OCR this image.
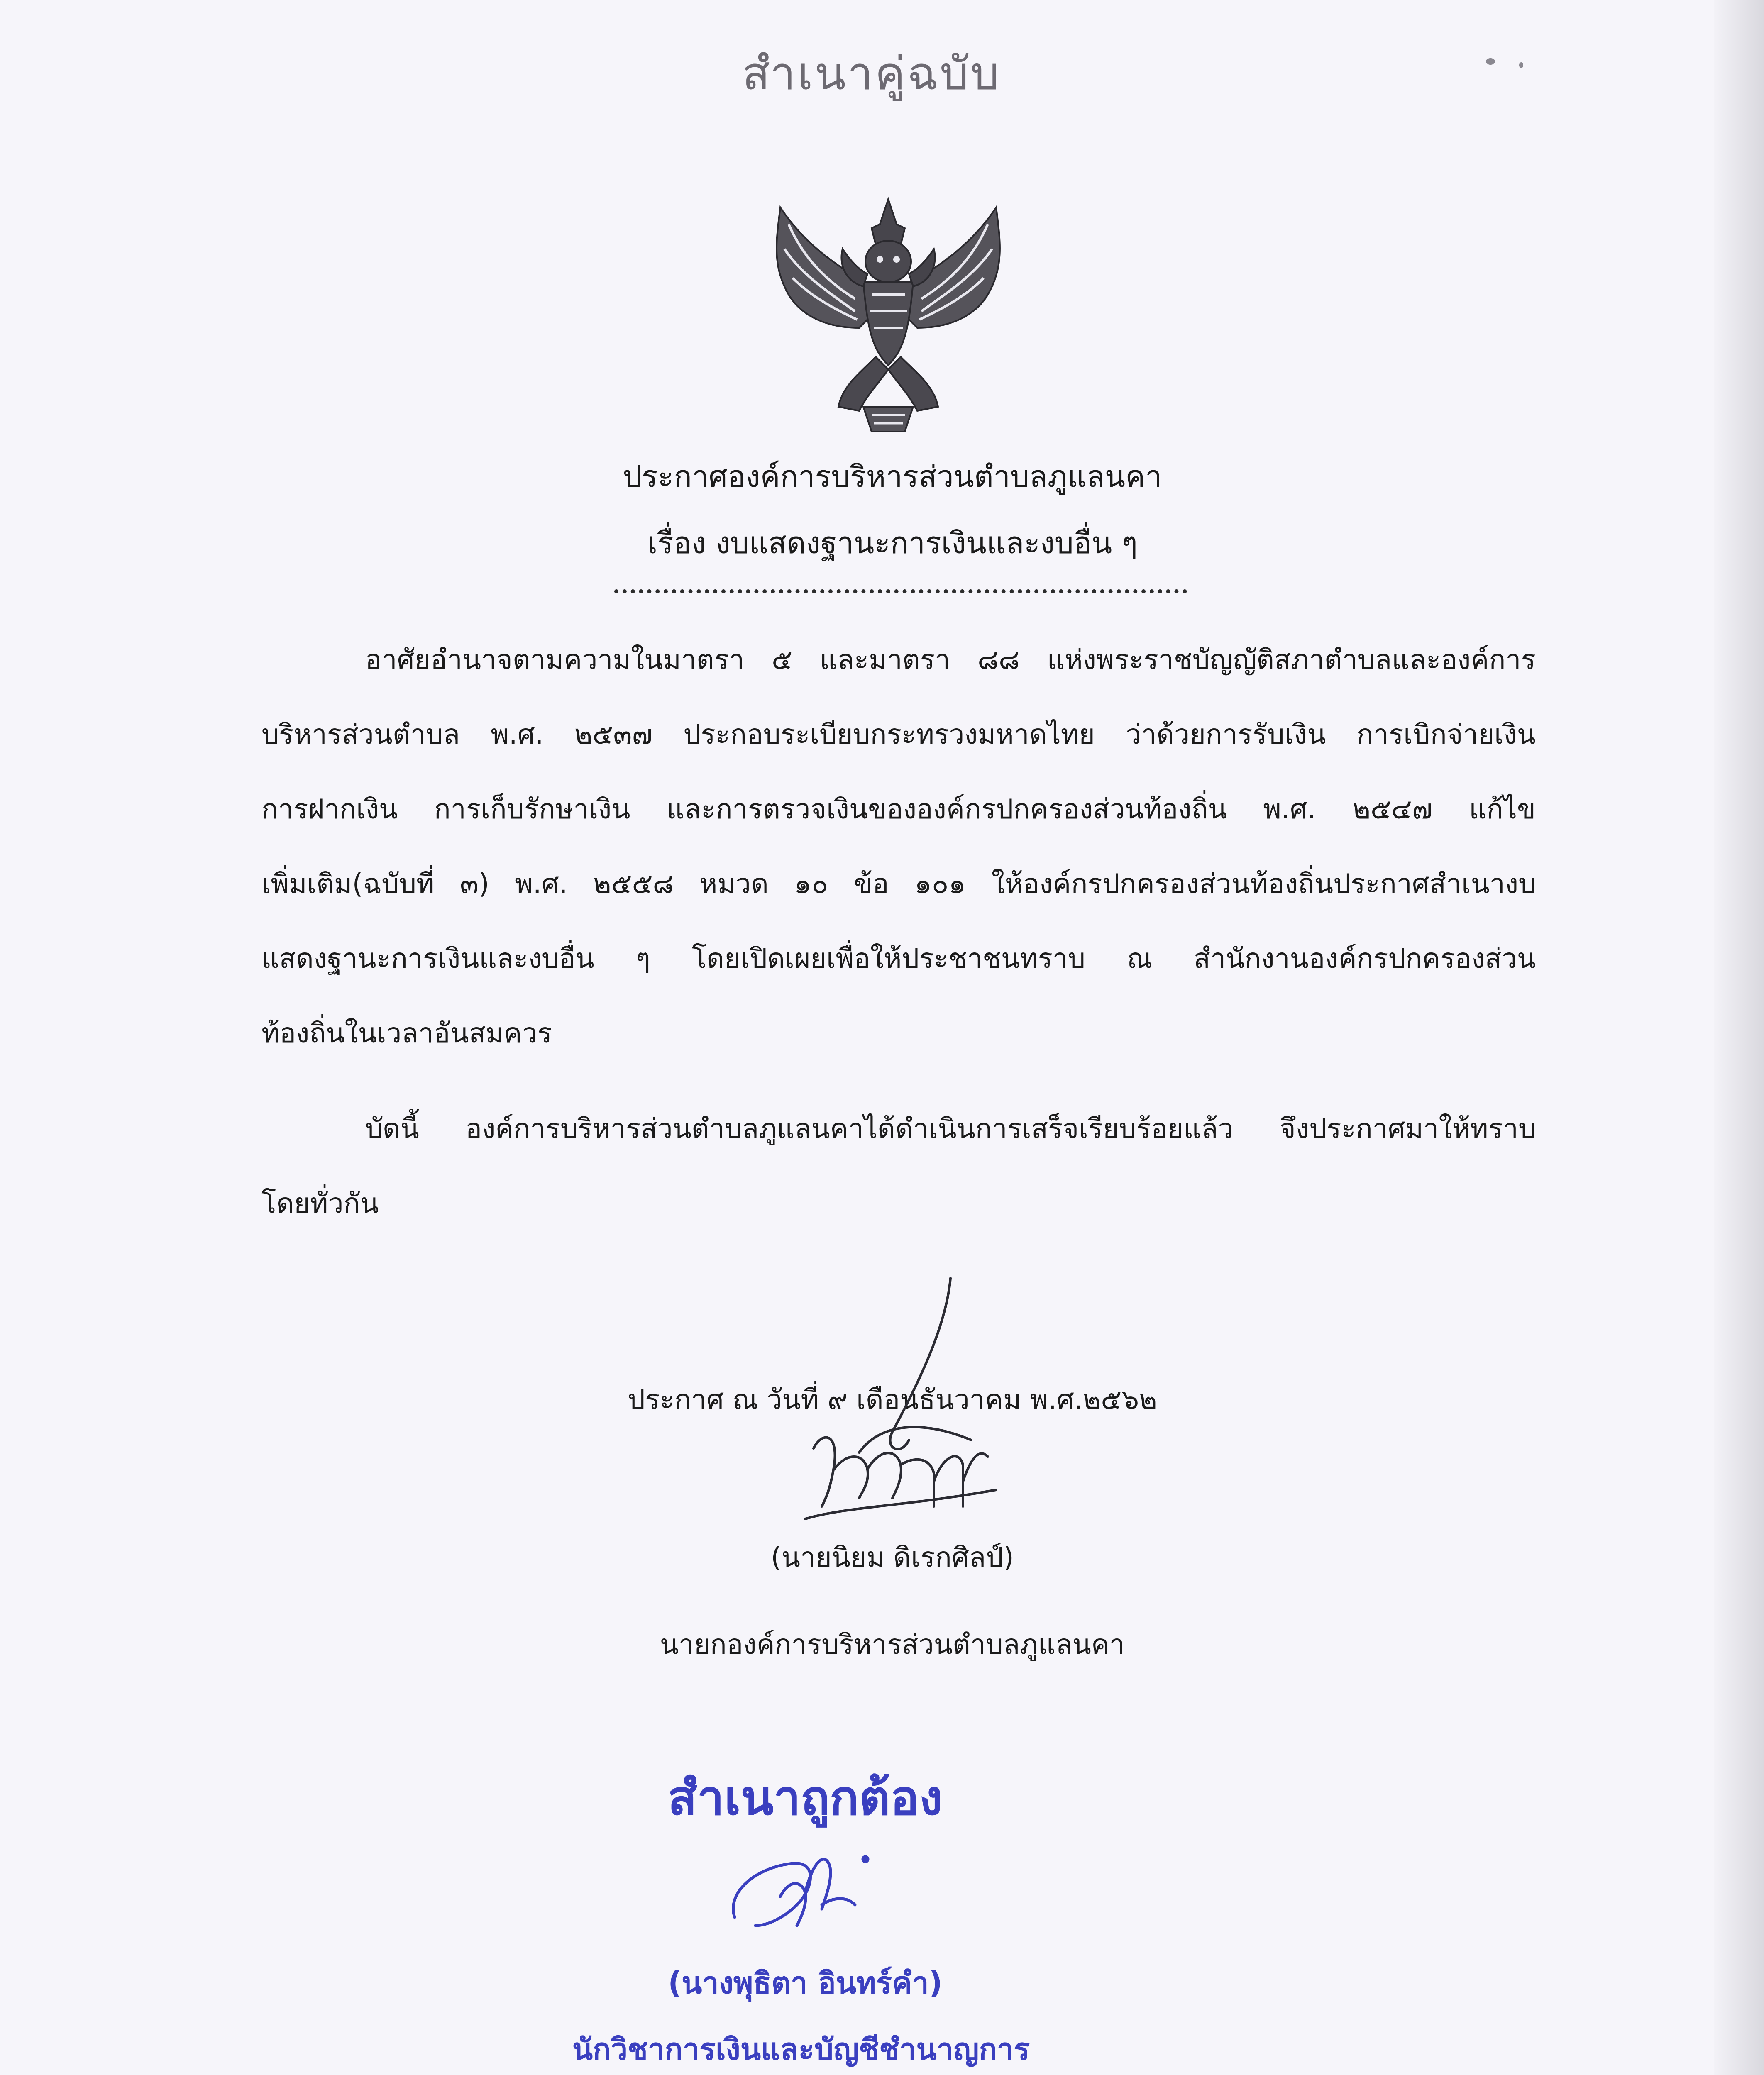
สำเนาคู่ฉบับ
ประกาศองค์การบริหารส่วนตำบลภูแลนคา
เรื่อง งบแสดงฐานะการเงินและงบอื่น ๆ
อาศัยอำนาจตามความในมาตรา ๕ และมาตรา ๘๘ แห่งพระราชบัญญัติสภาตำบลและองค์การ
บริหารส่วนตำบล พ.ศ. ๒๕๓๗ ประกอบระเบียบกระทรวงมหาดไทย ว่าด้วยการรับเงิน การเบิกจ่ายเงิน
การฝากเงิน การเก็บรักษาเงิน และการตรวจเงินขององค์กรปกครองส่วนท้องถิ่น พ.ศ. ๒๕๔๗ แก้ไข
เพิ่มเติม(ฉบับที่ ๓) พ.ศ. ๒๕๕๘ หมวด ๑๐ ข้อ ๑๐๑ ให้องค์กรปกครองส่วนท้องถิ่นประกาศสำเนางบ
แสดงฐานะการเงินและงบอื่น ๆ โดยเปิดเผยเพื่อให้ประชาชนทราบ ณ สำนักงานองค์กรปกครองส่วน
ท้องถิ่นในเวลาอันสมควร
บัดนี้ องค์การบริหารส่วนตำบลภูแลนคาได้ดำเนินการเสร็จเรียบร้อยแล้ว จึงประกาศมาให้ทราบ
โดยทั่วกัน
ประกาศ ณ วันที่ ๙ เดือนธันวาคม พ.ศ.๒๕๖๒
(นายนิยม ดิเรกศิลป์)
นายกองค์การบริหารส่วนตำบลภูแลนคา
สำเนาถูกต้อง
(นางพุธิตา อินทร์คำ)
นักวิชาการเงินและบัญชีชำนาญการ
